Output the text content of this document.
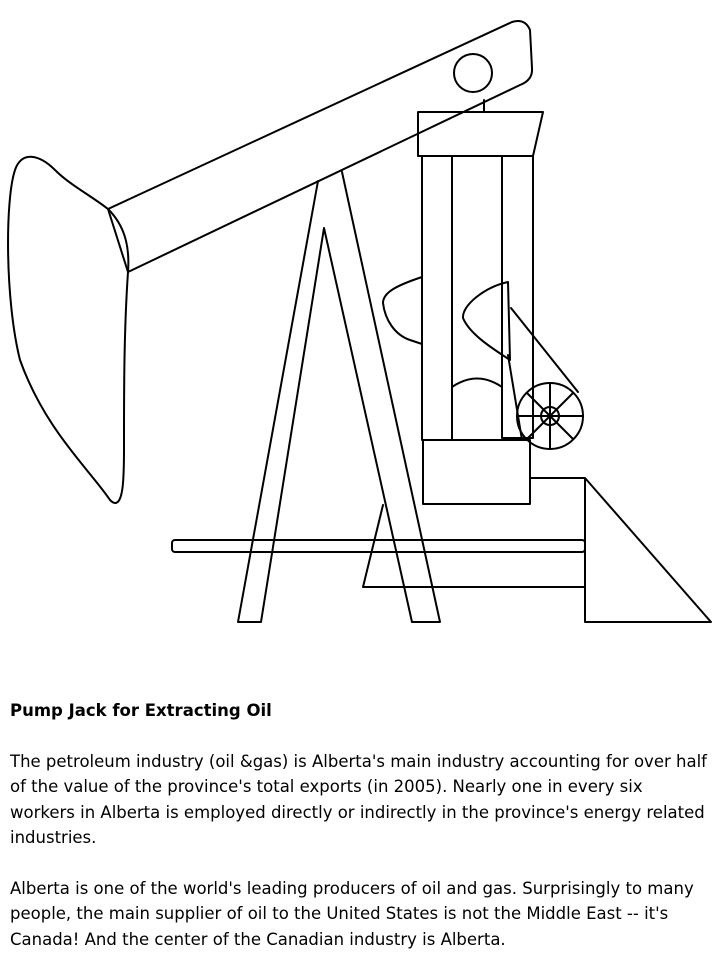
Pump Jack for Extracting Oil
The petroleum industry (oil &gas) is Alberta's main industry accounting for over half of the value of the province's total exports (in 2005). Nearly one in every six workers in Alberta is employed directly or indirectly in the province's energy related industries.
Alberta is one of the world's leading producers of oil and gas. Surprisingly to many people, the main supplier of oil to the United States is not the Middle East -- it's Canada! And the center of the Canadian industry is Alberta.
